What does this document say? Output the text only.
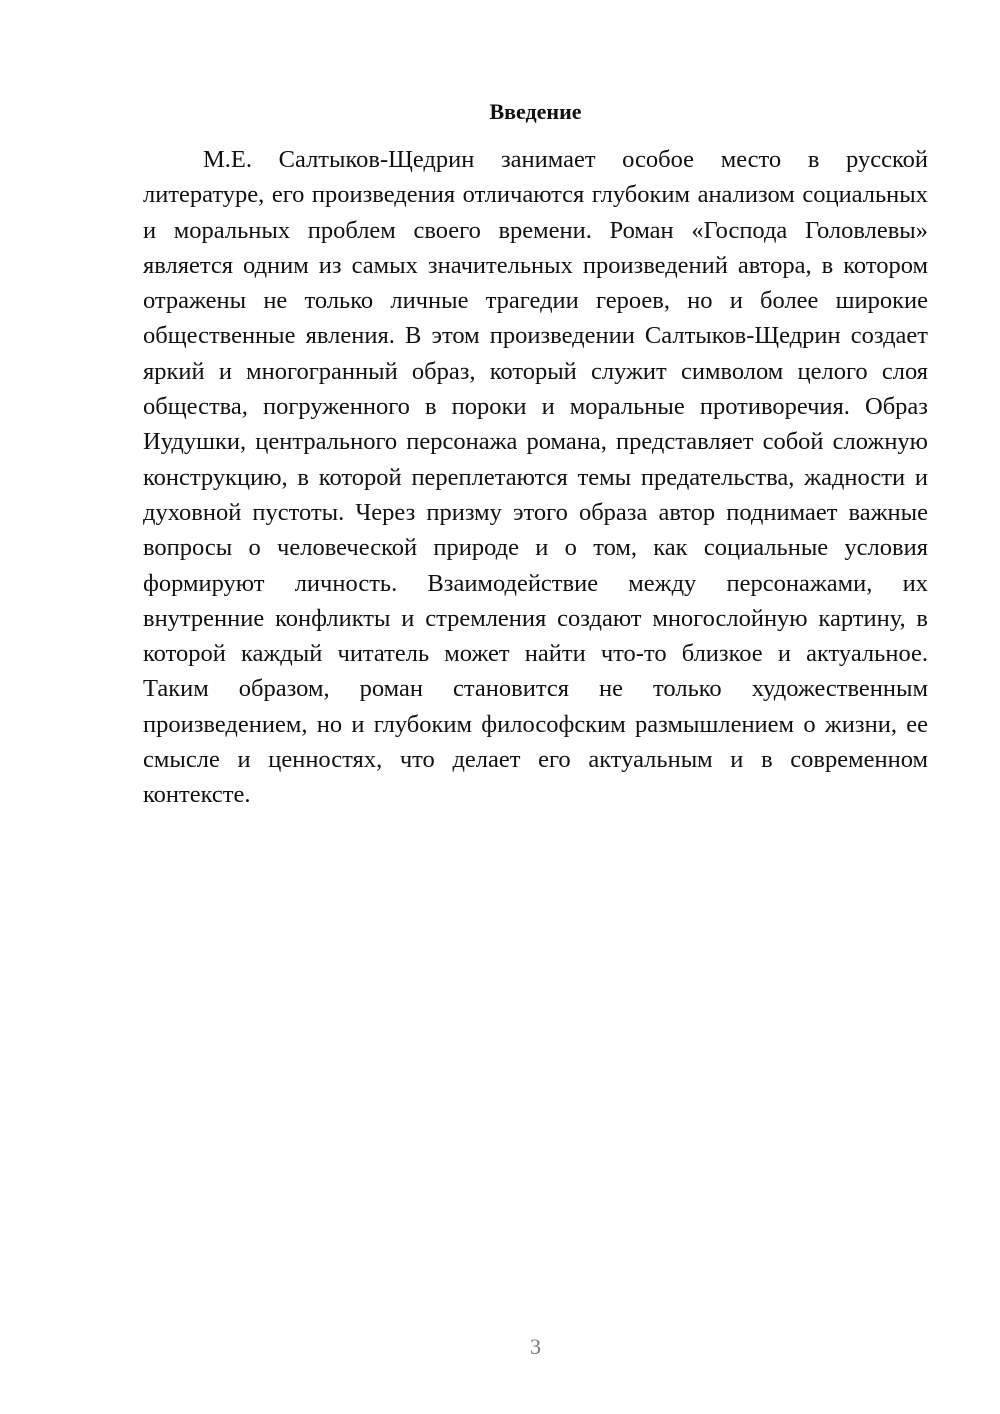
Введение

М.Е. Салтыков-Щедрин занимает особое место в русской литературе, его произведения отличаются глубоким анализом социальных и моральных проблем своего времени. Роман «Господа Головлевы» является одним из самых значительных произведений автора, в котором отражены не только личные трагедии героев, но и более широкие общественные явления. В этом произведении Салтыков-Щедрин создает яркий и многогранный образ, который служит символом целого слоя общества, погруженного в пороки и моральные противоречия. Образ Иудушки, центрального персонажа романа, представляет собой сложную конструкцию, в которой переплетаются темы предательства, жадности и духовной пустоты. Через призму этого образа автор поднимает важные вопросы о человеческой природе и о том, как социальные условия формируют личность. Взаимодействие между персонажами, их внутренние конфликты и стремления создают многослойную картину, в которой каждый читатель может найти что-то близкое и актуальное. Таким образом, роман становится не только художественным произведением, но и глубоким философским размышлением о жизни, ее смысле и ценностях, что делает его актуальным и в современном контексте.

3
